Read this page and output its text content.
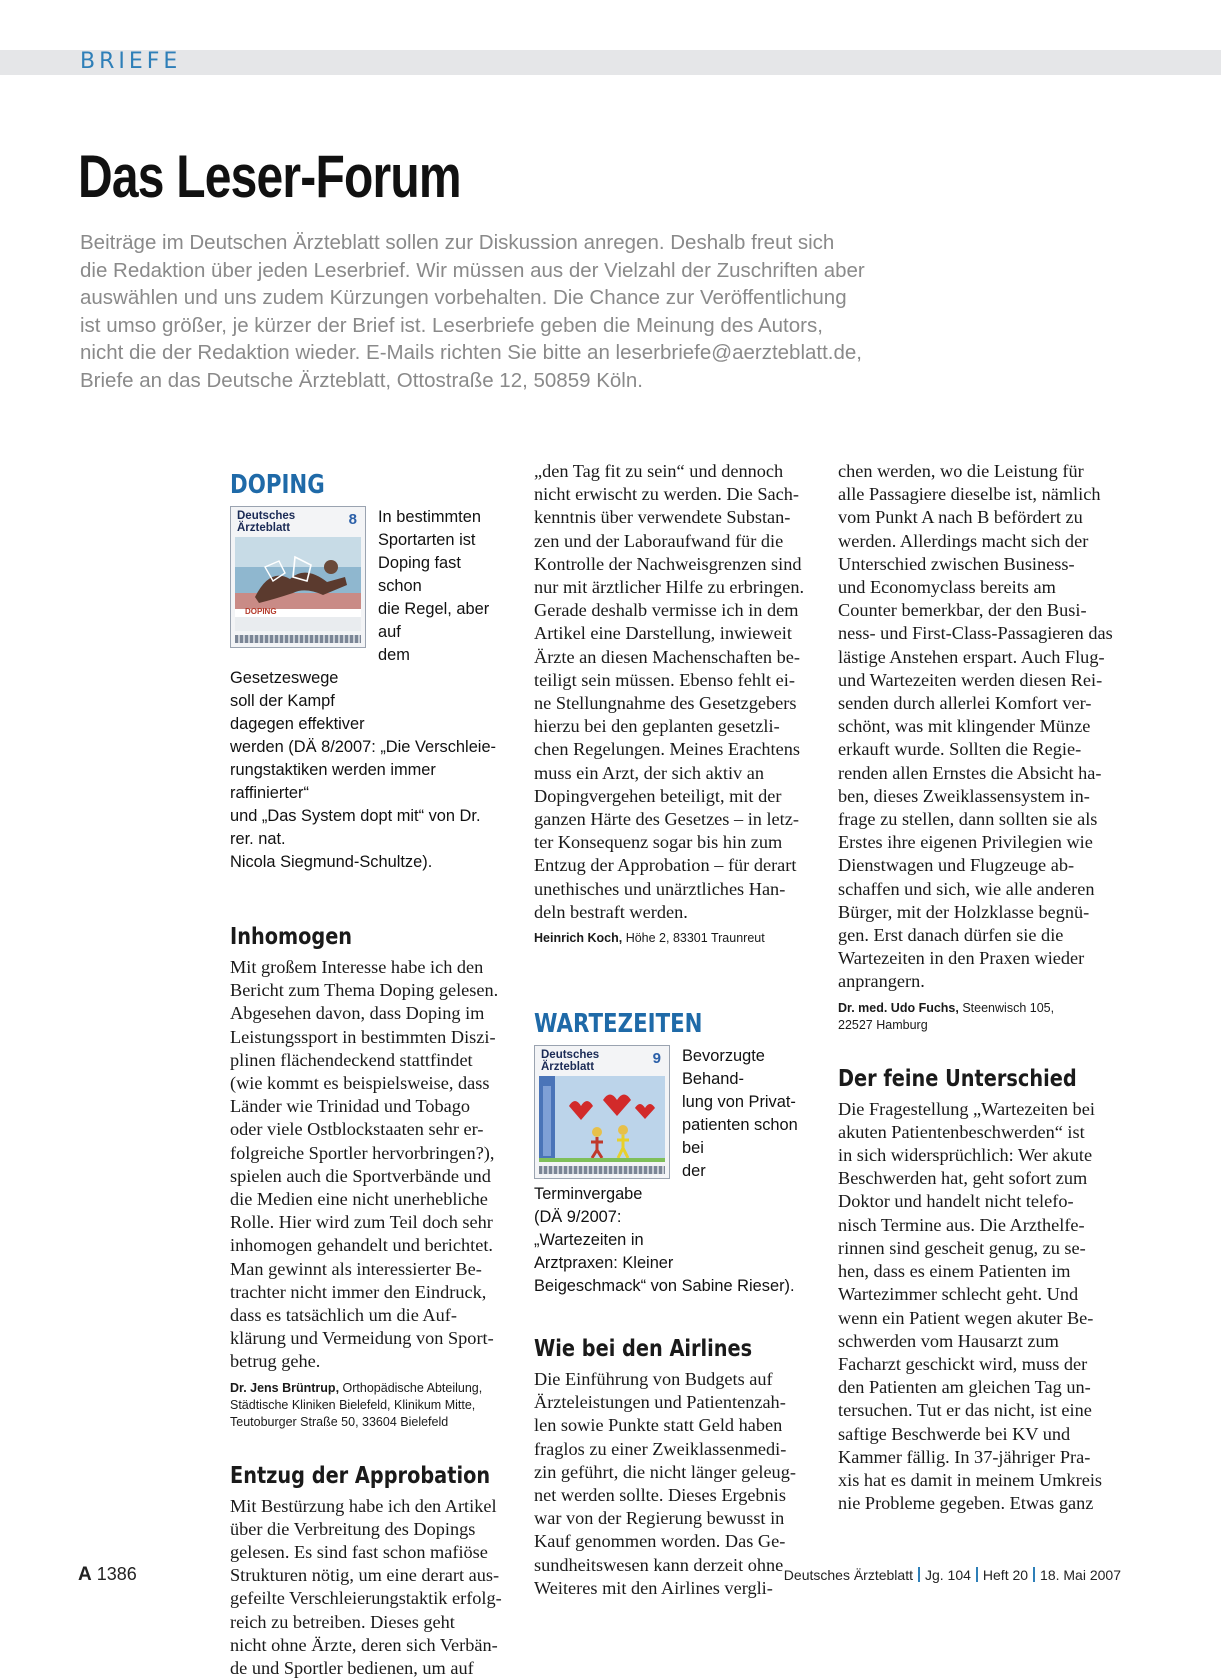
BRIEFE
Das Leser-Forum

Beiträge im Deutschen Ärzteblatt sollen zur Diskussion anregen. Deshalb freut sich
die Redaktion über jeden Leserbrief. Wir müssen aus der Vielzahl der Zuschriften aber
auswählen und uns zudem Kürzungen vorbehalten. Die Chance zur Veröffentlichung
ist umso größer, je kürzer der Brief ist. Leserbriefe geben die Meinung des Autors,
nicht die der Redaktion wieder. E-Mails richten Sie bitte an leserbriefe@aerzteblatt.de,
Briefe an das Deutsche Ärzteblatt, Ottostraße 12, 50859 Köln.

DOPING
Deutsches Ärzteblatt	8
DOPING

In bestimmten
Sportarten ist
Doping fast schon
die Regel, aber auf
dem Gesetzeswege
soll der Kampf
dagegen effektiver
werden (DÄ 8/2007: „Die Verschleie-
rungstaktiken werden immer raffinierter“
und „Das System dopt mit“ von Dr. rer. nat.
Nicola Siegmund-Schultze).

Inhomogen

Mit großem Interesse habe ich den
Bericht zum Thema Doping gelesen.
Abgesehen davon, dass Doping im
Leistungssport in bestimmten Diszi-
plinen flächendeckend stattfindet
(wie kommt es beispielsweise, dass
Länder wie Trinidad und Tobago
oder viele Ostblockstaaten sehr er-
folgreiche Sportler hervorbringen?),
spielen auch die Sportverbände und
die Medien eine nicht unerhebliche
Rolle. Hier wird zum Teil doch sehr
inhomogen gehandelt und berichtet.
Man gewinnt als interessierter Be-
trachter nicht immer den Eindruck,
dass es tatsächlich um die Auf-
klärung und Vermeidung von Sport-
betrug gehe.

Dr. Jens Brüntrup, Orthopädische Abteilung,
Städtische Kliniken Bielefeld, Klinikum Mitte,
Teutoburger Straße 50, 33604 Bielefeld

Entzug der Approbation

Mit Bestürzung habe ich den Artikel
über die Verbreitung des Dopings
gelesen. Es sind fast schon mafiöse
Strukturen nötig, um eine derart aus-
gefeilte Verschleierungstaktik erfolg-
reich zu betreiben. Dieses geht
nicht ohne Ärzte, deren sich Verbän-
de und Sportler bedienen, um auf

„den Tag fit zu sein“ und dennoch
nicht erwischt zu werden. Die Sach-
kenntnis über verwendete Substan-
zen und der Laboraufwand für die
Kontrolle der Nachweisgrenzen sind
nur mit ärztlicher Hilfe zu erbringen.
Gerade deshalb vermisse ich in dem
Artikel eine Darstellung, inwieweit
Ärzte an diesen Machenschaften be-
teiligt sein müssen. Ebenso fehlt ei-
ne Stellungnahme des Gesetzgebers
hierzu bei den geplanten gesetzli-
chen Regelungen. Meines Erachtens
muss ein Arzt, der sich aktiv an
Dopingvergehen beteiligt, mit der
ganzen Härte des Gesetzes – in letz-
ter Konsequenz sogar bis hin zum
Entzug der Approbation – für derart
unethisches und unärztliches Han-
deln bestraft werden.

Heinrich Koch, Höhe 2, 83301 Traunreut

WARTEZEITEN
Deutsches Ärzteblatt	9	Bevorzugte Behand-
lung von Privat-
patienten schon bei
der Terminvergabe
(DÄ 9/2007:
„Wartezeiten in
Arztpraxen: Kleiner
Beigeschmack“ von Sabine Rieser).

Wie bei den Airlines

Die Einführung von Budgets auf
Ärzteleistungen und Patientenzah-
len sowie Punkte statt Geld haben
fraglos zu einer Zweiklassenmedi-
zin geführt, die nicht länger geleug-
net werden sollte. Dieses Ergebnis
war von der Regierung bewusst in
Kauf genommen worden. Das Ge-
sundheitswesen kann derzeit ohne
Weiteres mit den Airlines vergli-

chen werden, wo die Leistung für
alle Passagiere dieselbe ist, nämlich
vom Punkt A nach B befördert zu
werden. Allerdings macht sich der
Unterschied zwischen Business-
und Economyclass bereits am
Counter bemerkbar, der den Busi-
ness- und First-Class-Passagieren das
lästige Anstehen erspart. Auch Flug-
und Wartezeiten werden diesen Rei-
senden durch allerlei Komfort ver-
schönt, was mit klingender Münze
erkauft wurde. Sollten die Regie-
renden allen Ernstes die Absicht ha-
ben, dieses Zweiklassensystem in-
frage zu stellen, dann sollten sie als
Erstes ihre eigenen Privilegien wie
Dienstwagen und Flugzeuge ab-
schaffen und sich, wie alle anderen
Bürger, mit der Holzklasse begnü-
gen. Erst danach dürfen sie die
Wartezeiten in den Praxen wieder
anprangern.

Dr. med. Udo Fuchs, Steenwisch 105,
22527 Hamburg

Der feine Unterschied

Die Fragestellung „Wartezeiten bei
akuten Patientenbeschwerden“ ist
in sich widersprüchlich: Wer akute
Beschwerden hat, geht sofort zum
Doktor und handelt nicht telefo-
nisch Termine aus. Die Arzthelfe-
rinnen sind gescheit genug, zu se-
hen, dass es einem Patienten im
Wartezimmer schlecht geht. Und
wenn ein Patient wegen akuter Be-
schwerden vom Hausarzt zum
Facharzt geschickt wird, muss der
den Patienten am gleichen Tag un-
tersuchen. Tut er das nicht, ist eine
saftige Beschwerde bei KV und
Kammer fällig. In 37-jähriger Pra-
xis hat es damit in meinem Umkreis
nie Probleme gegeben. Etwas ganz

A 1386	Deutsches Ärzteblatt Jg. 104 Heft 20 18. Mai 2007
